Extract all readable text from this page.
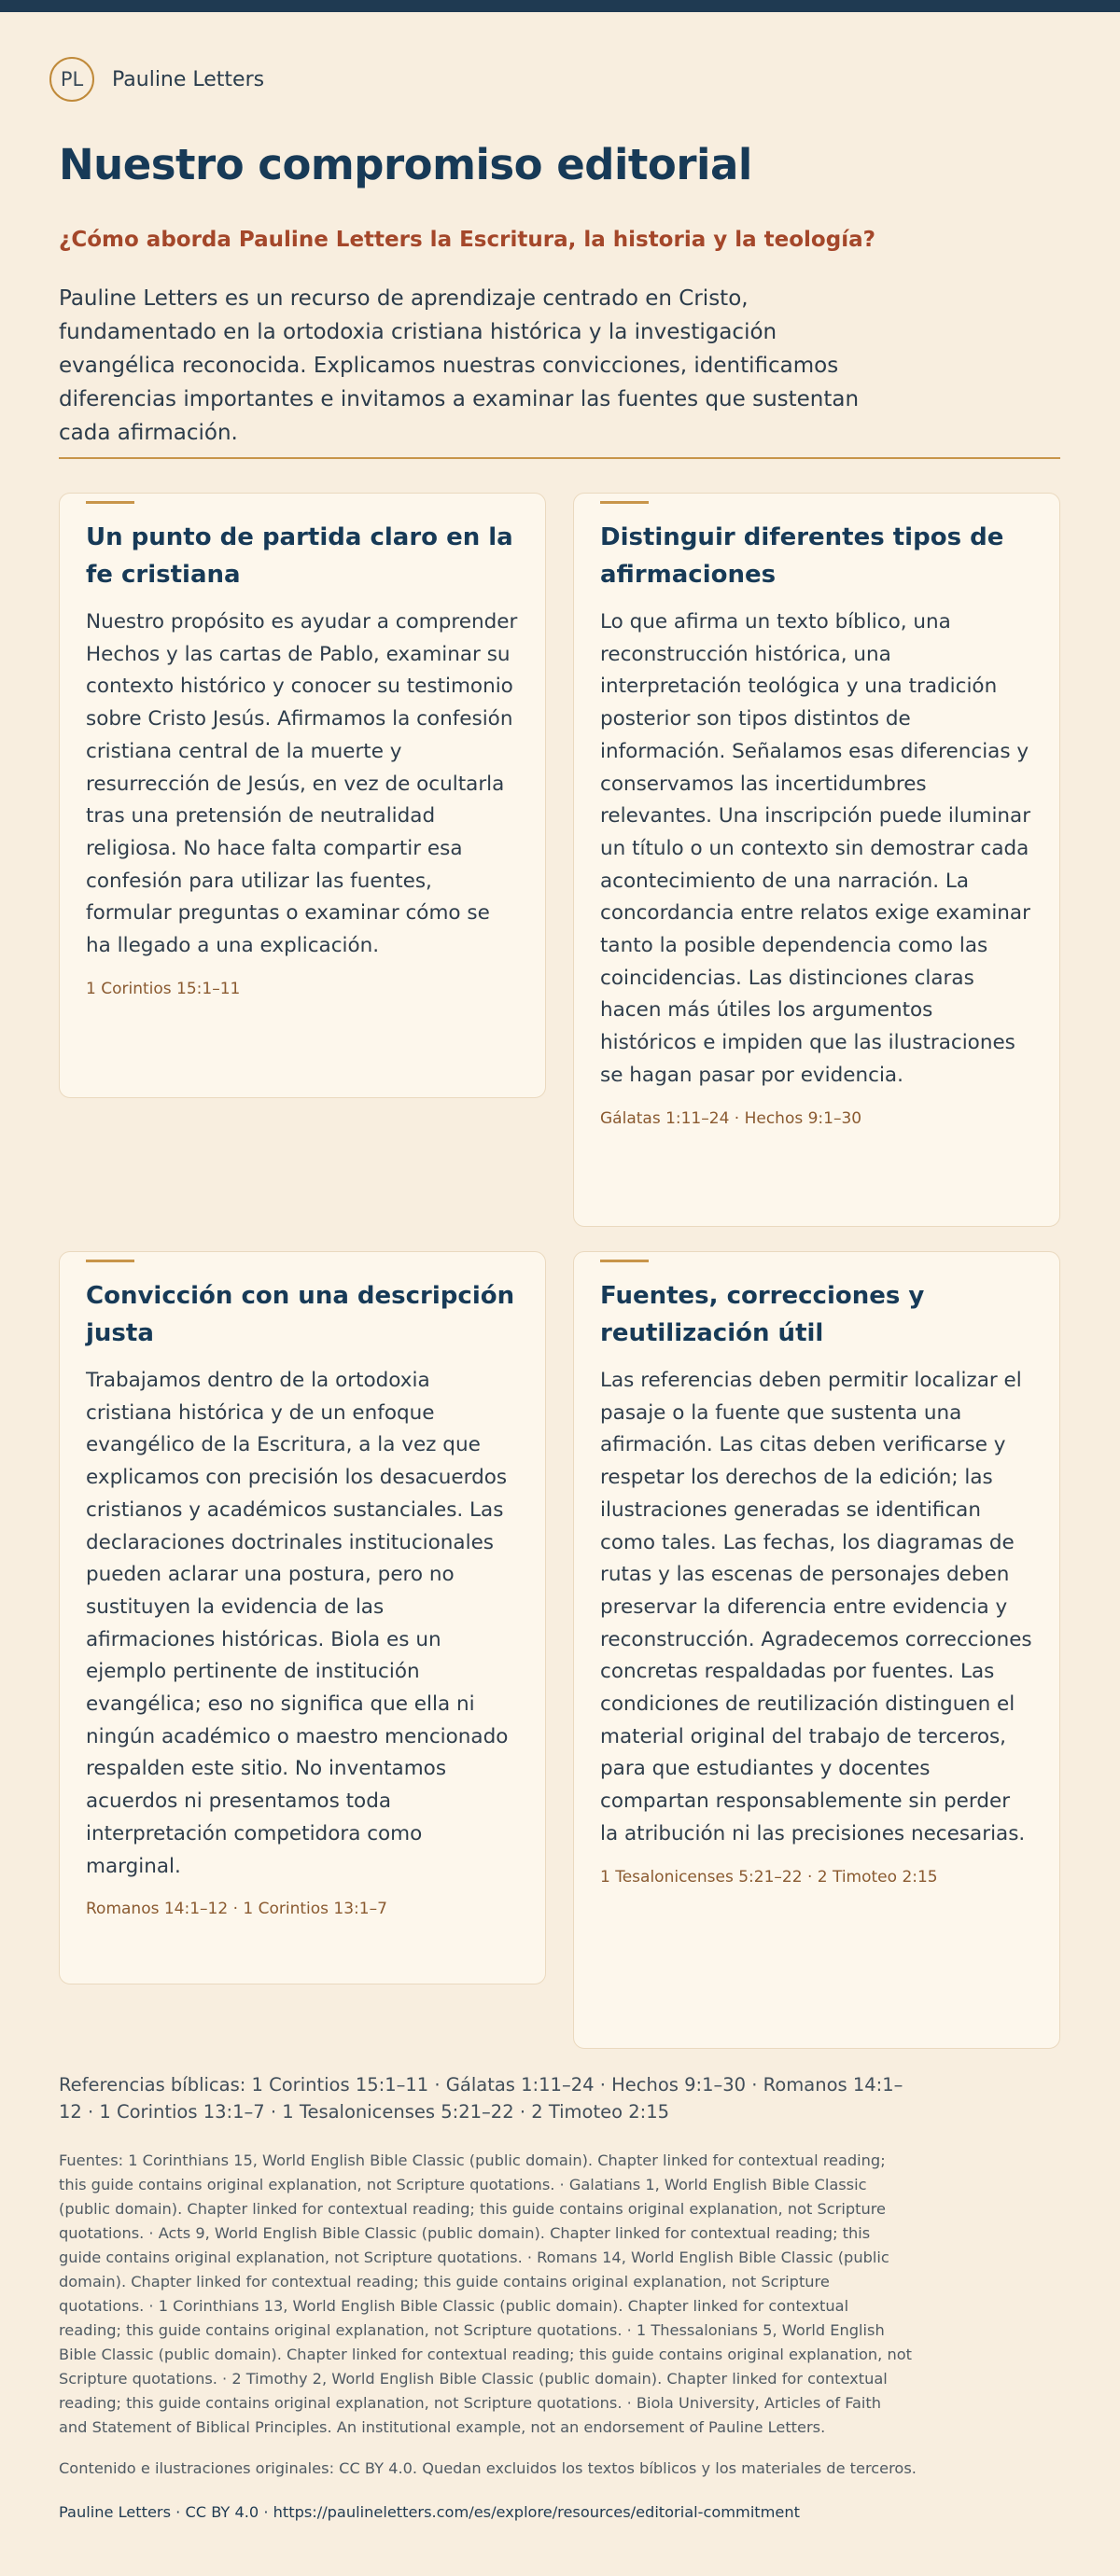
PL	Pauline Letters
Nuestro compromiso editorial

¿Cómo aborda Pauline Letters la Escritura, la historia y la teología?

Pauline Letters es un recurso de aprendizaje centrado en Cristo, fundamentado en la ortodoxia cristiana histórica y la investigación evangélica reconocida. Explicamos nuestras convicciones, identificamos diferencias importantes e invitamos a examinar las fuentes que sustentan cada afirmación.

Un punto de partida claro en la fe cristiana

Nuestro propósito es ayudar a comprender Hechos y las cartas de Pablo, examinar su contexto histórico y conocer su testimonio sobre Cristo Jesús. Afirmamos la confesión cristiana central de la muerte y resurrección de Jesús, en vez de ocultarla tras una pretensión de neutralidad religiosa. No hace falta compartir esa confesión para utilizar las fuentes, formular preguntas o examinar cómo se ha llegado a una explicación.

1 Corintios 15:1–11

Distinguir diferentes tipos de afirmaciones

Lo que afirma un texto bíblico, una reconstrucción histórica, una interpretación teológica y una tradición posterior son tipos distintos de información. Señalamos esas diferencias y conservamos las incertidumbres relevantes. Una inscripción puede iluminar un título o un contexto sin demostrar cada acontecimiento de una narración. La concordancia entre relatos exige examinar tanto la posible dependencia como las coincidencias. Las distinciones claras hacen más útiles los argumentos históricos e impiden que las ilustraciones se hagan pasar por evidencia.

Gálatas 1:11–24 · Hechos 9:1–30

Convicción con una descripción justa

Trabajamos dentro de la ortodoxia cristiana histórica y de un enfoque evangélico de la Escritura, a la vez que explicamos con precisión los desacuerdos cristianos y académicos sustanciales. Las declaraciones doctrinales institucionales pueden aclarar una postura, pero no sustituyen la evidencia de las afirmaciones históricas. Biola es un ejemplo pertinente de institución evangélica; eso no significa que ella ni ningún académico o maestro mencionado respalden este sitio. No inventamos acuerdos ni presentamos toda interpretación competidora como marginal.

Romanos 14:1–12 · 1 Corintios 13:1–7

Fuentes, correcciones y reutilización útil

Las referencias deben permitir localizar el pasaje o la fuente que sustenta una afirmación. Las citas deben verificarse y respetar los derechos de la edición; las ilustraciones generadas se identifican como tales. Las fechas, los diagramas de rutas y las escenas de personajes deben preservar la diferencia entre evidencia y reconstrucción. Agradecemos correcciones concretas respaldadas por fuentes. Las condiciones de reutilización distinguen el material original del trabajo de terceros, para que estudiantes y docentes compartan responsablemente sin perder la atribución ni las precisiones necesarias.

1 Tesalonicenses 5:21–22 · 2 Timoteo 2:15

Referencias bíblicas: 1 Corintios 15:1–11 · Gálatas 1:11–24 · Hechos 9:1–30 · Romanos 14:1–12 · 1 Corintios 13:1–7 · 1 Tesalonicenses 5:21–22 · 2 Timoteo 2:15

Fuentes: 1 Corinthians 15, World English Bible Classic (public domain). Chapter linked for contextual reading; this guide contains original explanation, not Scripture quotations. · Galatians 1, World English Bible Classic (public domain). Chapter linked for contextual reading; this guide contains original explanation, not Scripture quotations. · Acts 9, World English Bible Classic (public domain). Chapter linked for contextual reading; this guide contains original explanation, not Scripture quotations. · Romans 14, World English Bible Classic (public domain). Chapter linked for contextual reading; this guide contains original explanation, not Scripture quotations. · 1 Corinthians 13, World English Bible Classic (public domain). Chapter linked for contextual reading; this guide contains original explanation, not Scripture quotations. · 1 Thessalonians 5, World English Bible Classic (public domain). Chapter linked for contextual reading; this guide contains original explanation, not Scripture quotations. · 2 Timothy 2, World English Bible Classic (public domain). Chapter linked for contextual reading; this guide contains original explanation, not Scripture quotations. · Biola University, Articles of Faith and Statement of Biblical Principles. An institutional example, not an endorsement of Pauline Letters.

Contenido e ilustraciones originales: CC BY 4.0. Quedan excluidos los textos bíblicos y los materiales de terceros.

Pauline Letters · CC BY 4.0 · https://paulineletters.com/es/explore/resources/editorial-commitment
